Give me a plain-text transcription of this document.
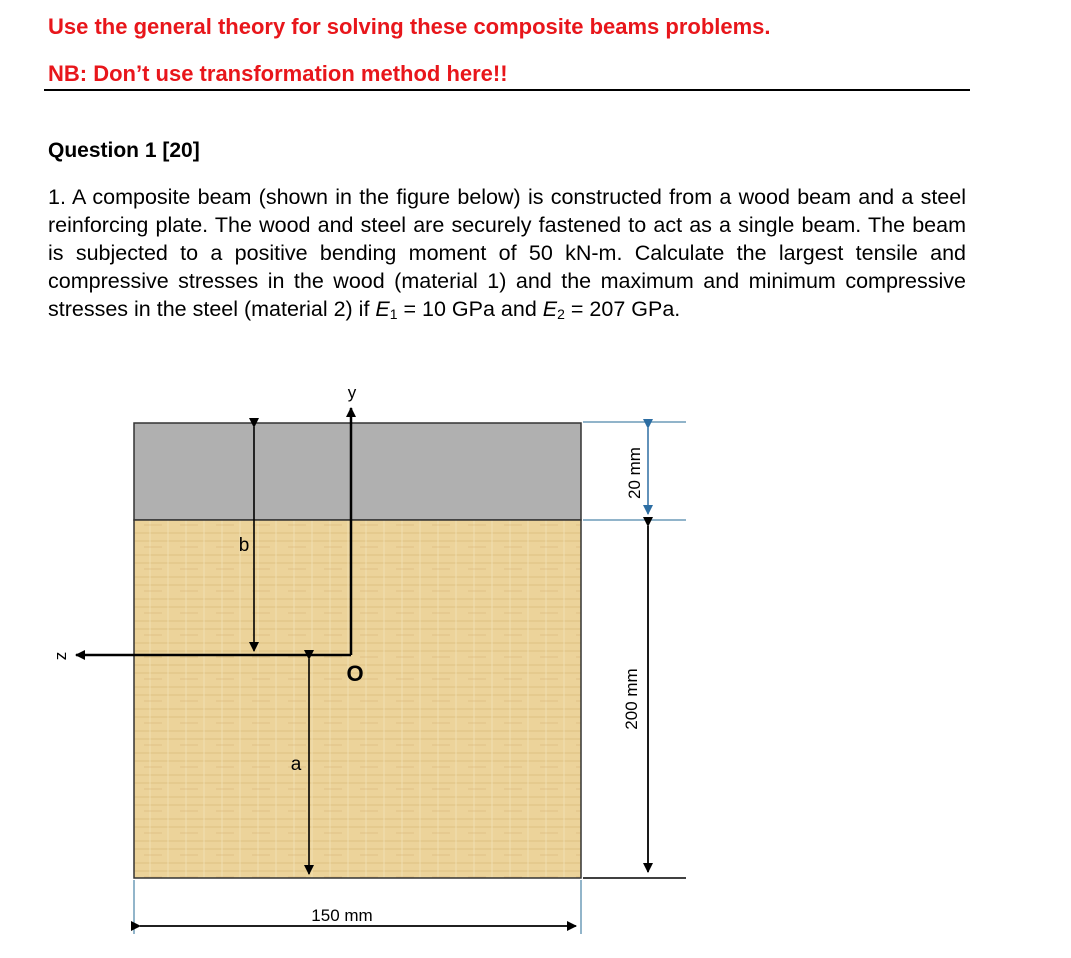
Use the general theory for solving these composite beams problems.
NB: Don’t use transformation method here!!
Question 1 [20]

1. A composite beam (shown in the figure below) is constructed from a wood beam and a steel reinforcing plate. The wood and steel are securely fastened to act as a single beam. The beam is subjected to a positive bending moment of 50 kN-m. Calculate the largest tensile and compressive stresses in the wood (material 1) and the maximum and minimum compressive stresses in the steel (material 2) if $E_1 = 10$ GPa and $E_2 = 207$ GPa.

20 mm
200 mm
150 mm
y
z
O
b
a
